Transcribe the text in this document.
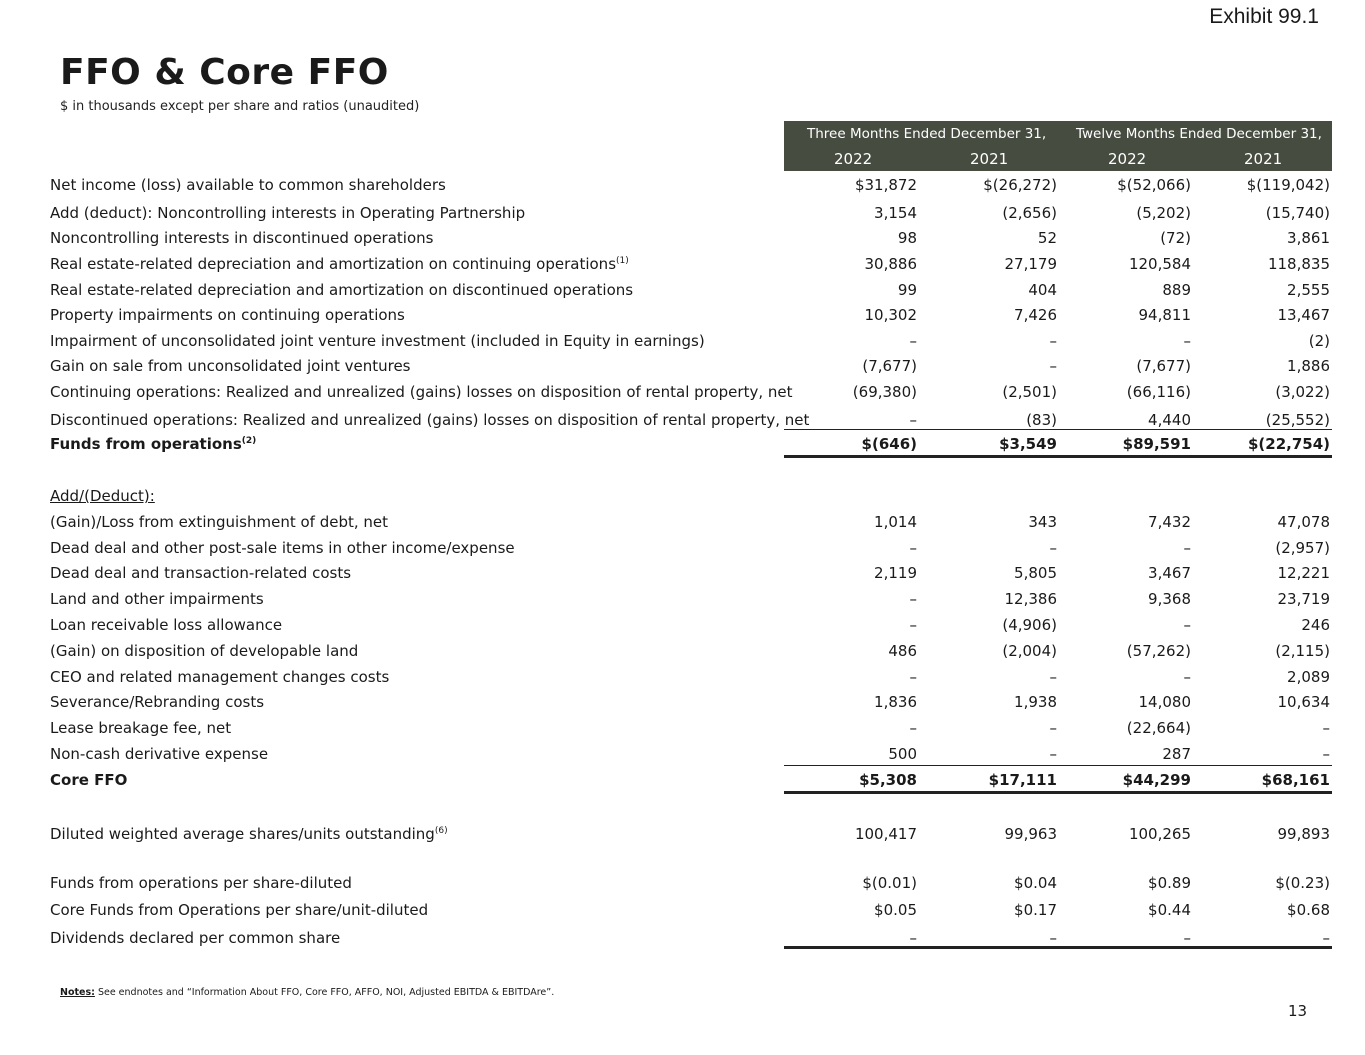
Exhibit 99.1
FFO & Core FFO
$ in thousands except per share and ratios (unaudited)
Three Months Ended December 31, Twelve Months Ended December 31,
2022	2021	2022	2021
Net income (loss) available to common shareholders	$31,872	$(26,272)	$(52,066)	$(119,042)
Add (deduct): Noncontrolling interests in Operating Partnership	3,154	(2,656)	(5,202)	(15,740)
Noncontrolling interests in discontinued operations	98	52	(72)	3,861
Real estate-related depreciation and amortization on continuing operations$^{(1)}$	30,886	27,179	120,584	118,835
Real estate-related depreciation and amortization on discontinued operations	99	404	889	2,555
Property impairments on continuing operations	10,302	7,426	94,811	13,467
Impairment of unconsolidated joint venture investment (included in Equity in earnings)	–	–	–	(2)
Gain on sale from unconsolidated joint ventures	(7,677)	–	(7,677)	1,886
Continuing operations: Realized and unrealized (gains) losses on disposition of rental property, net	(69,380)	(2,501)	(66,116)	(3,022)
Discontinued operations: Realized and unrealized (gains) losses on disposition of rental property, net	–	(83)	4,440	(25,552)
Funds from operations$^{(2)}$	$(646)	$3,549	$89,591	$(22,754)
Add/(Deduct):
(Gain)/Loss from extinguishment of debt, net	1,014	343	7,432	47,078
Dead deal and other post-sale items in other income/expense	–	–	–	(2,957)
Dead deal and transaction-related costs	2,119	5,805	3,467	12,221
Land and other impairments	–	12,386	9,368	23,719
Loan receivable loss allowance	–	(4,906)	–	246
(Gain) on disposition of developable land	486	(2,004)	(57,262)	(2,115)
CEO and related management changes costs	–	–	–	2,089
Severance/Rebranding costs	1,836	1,938	14,080	10,634
Lease breakage fee, net	–	–	(22,664)	–
Non-cash derivative expense	500	–	287	–
Core FFO	$5,308	$17,111	$44,299	$68,161
Diluted weighted average shares/units outstanding$^{(6)}$	100,417	99,963	100,265	99,893
Funds from operations per share-diluted	$(0.01)	$0.04	$0.89	$(0.23)
Core Funds from Operations per share/unit-diluted	$0.05	$0.17	$0.44	$0.68
Dividends declared per common share	–	–	–	–
Notes: See endnotes and “Information About FFO, Core FFO, AFFO, NOI, Adjusted EBITDA & EBITDAre”.
13
